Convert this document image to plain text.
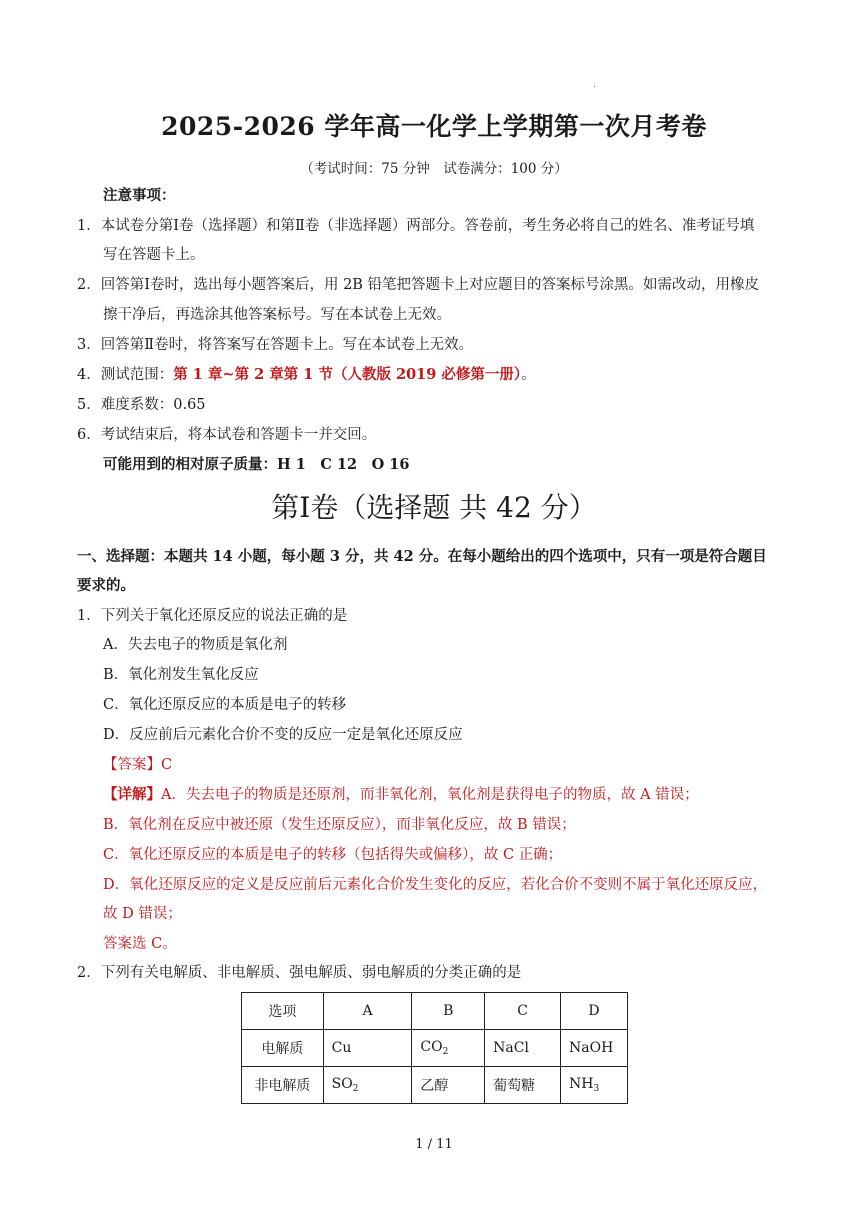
2025-2026 学年高一化学上学期第一次月考卷
（考试时间：75 分钟　试卷满分：100 分）
注意事项：
1．本试卷分第Ⅰ卷（选择题）和第Ⅱ卷（非选择题）两部分。答卷前，考生务必将自己的姓名、准考证号填
写在答题卡上。
2．回答第Ⅰ卷时，选出每小题答案后，用 2B 铅笔把答题卡上对应题目的答案标号涂黑。如需改动，用橡皮
擦干净后，再选涂其他答案标号。写在本试卷上无效。
3．回答第Ⅱ卷时，将答案写在答题卡上。写在本试卷上无效。
4．测试范围：第 1 章~第 2 章第 1 节（人教版 2019 必修第一册）。
5．难度系数：0.65
6．考试结束后，将本试卷和答题卡一并交回。
可能用到的相对原子质量：H 1　C 12　O 16
第Ⅰ卷（选择题 共 42 分）
一、选择题：本题共 14 小题，每小题 3 分，共 42 分。在每小题给出的四个选项中，只有一项是符合题目
要求的。
1．下列关于氧化还原反应的说法正确的是
A．失去电子的物质是氧化剂
B．氧化剂发生氧化反应
C．氧化还原反应的本质是电子的转移
D．反应前后元素化合价不变的反应一定是氧化还原反应
【答案】C
【详解】A．失去电子的物质是还原剂，而非氧化剂，氧化剂是获得电子的物质，故 A 错误；
B．氧化剂在反应中被还原（发生还原反应），而非氧化反应，故 B 错误；
C．氧化还原反应的本质是电子的转移（包括得失或偏移），故 C 正确；
D．氧化还原反应的定义是反应前后元素化合价发生变化的反应，若化合价不变则不属于氧化还原反应，
故 D 错误；
答案选 C。
2．下列有关电解质、非电解质、强电解质、弱电解质的分类正确的是
选项	A	B	C	D
电解质	Cu	$CO_2$	NaCl	NaOH
非电解质	$SO_2$	乙醇	葡萄糖	$NH_3$
1 / 11
